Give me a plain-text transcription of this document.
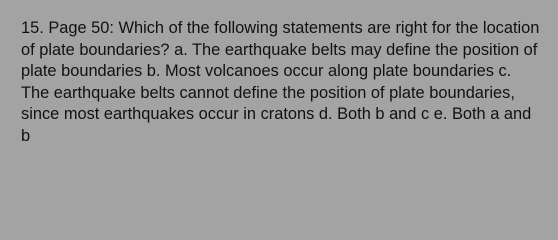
15. Page 50: Which of the following statements are right for the location of plate boundaries? a. The earthquake belts may define the position of plate boundaries b. Most volcanoes occur along plate boundaries c. The earthquake belts cannot define the position of plate boundaries, since most earthquakes occur in cratons d. Both b and c e. Both a and b
